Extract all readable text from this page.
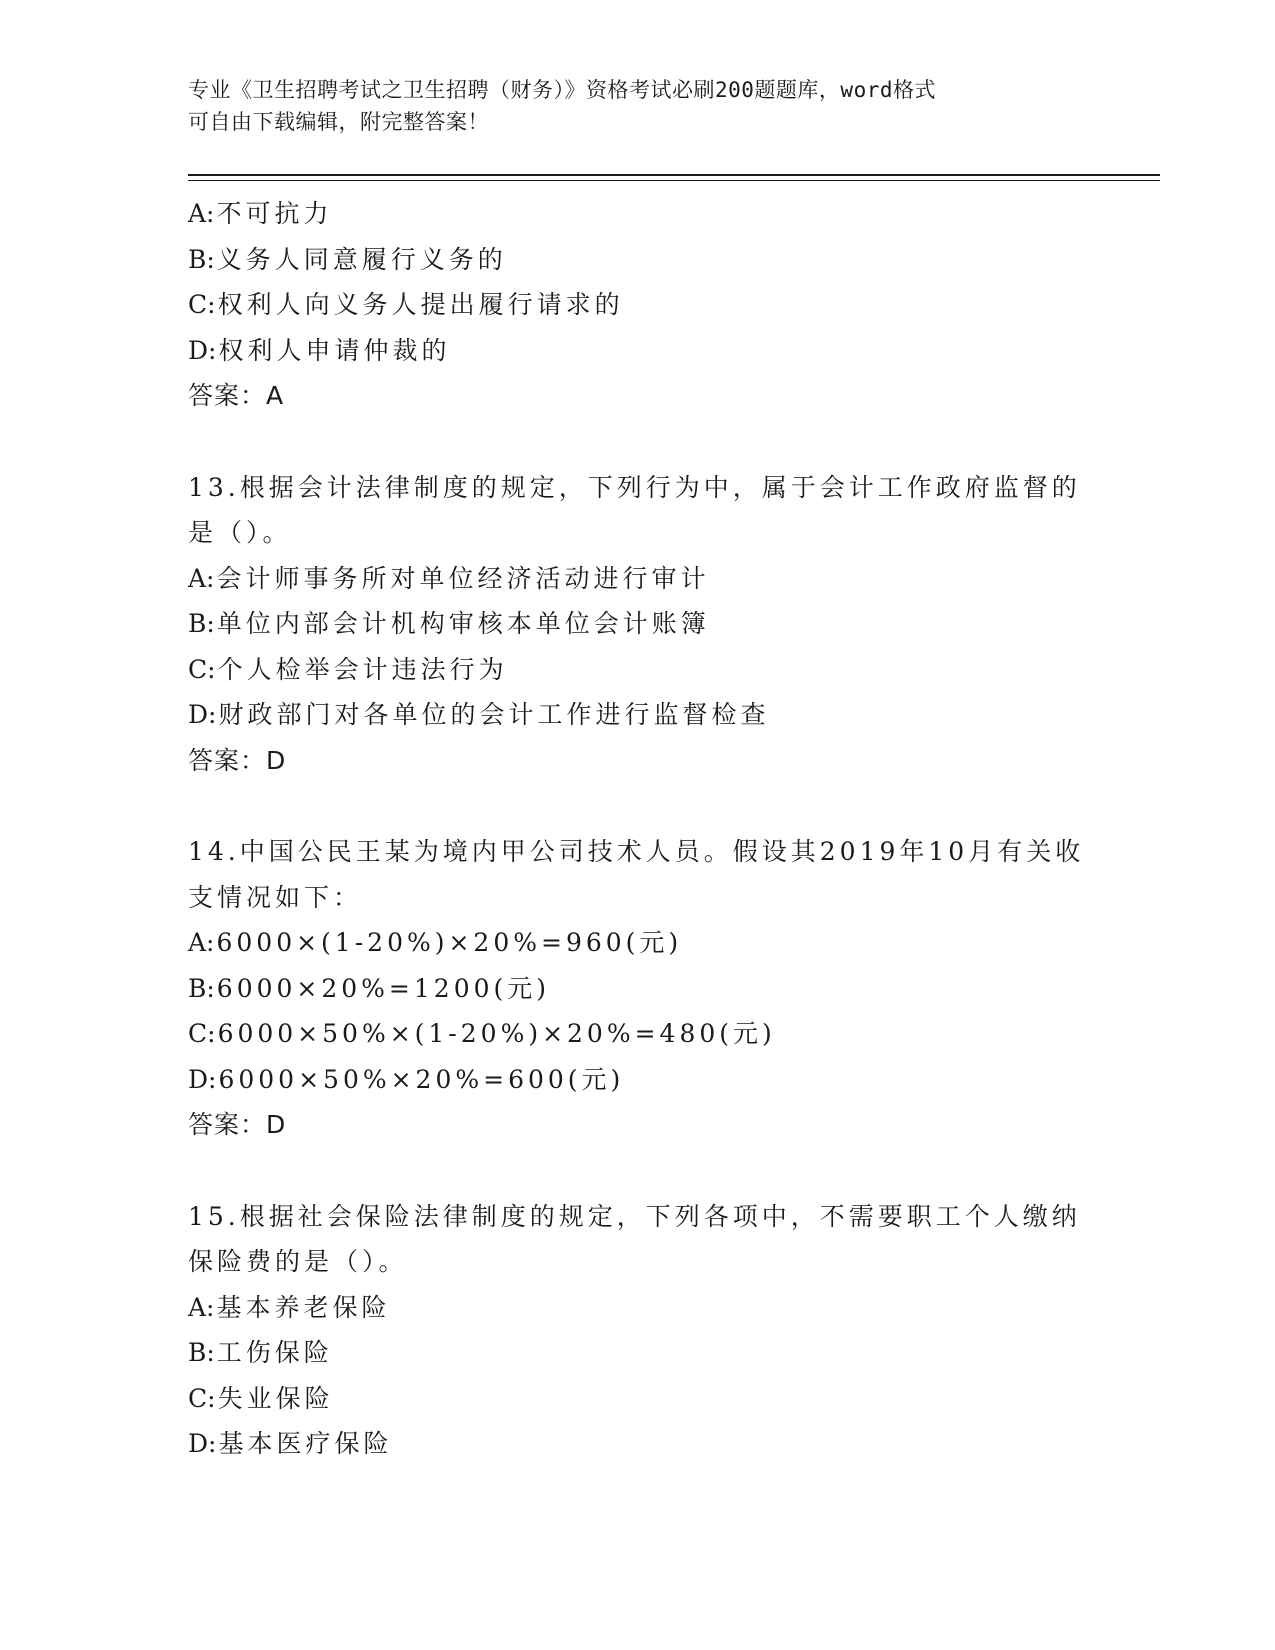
专业《卫生招聘考试之卫生招聘（财务）》资格考试必刷200题题库，word格式
可自由下载编辑，附完整答案！
A:不可抗力
B:义务人同意履行义务的
C:权利人向义务人提出履行请求的
D:权利人申请仲裁的
答案：A
13.根据会计法律制度的规定，下列行为中，属于会计工作政府监督的
是（）。
A:会计师事务所对单位经济活动进行审计
B:单位内部会计机构审核本单位会计账簿
C:个人检举会计违法行为
D:财政部门对各单位的会计工作进行监督检查
答案：D
14.中国公民王某为境内甲公司技术人员。假设其2019年10月有关收
支情况如下：
A:6000×(1-20%)×20%=960(元)
B:6000×20%=1200(元)
C:6000×50%×(1-20%)×20%=480(元)
D:6000×50%×20%=600(元)
答案：D
15.根据社会保险法律制度的规定，下列各项中，不需要职工个人缴纳
保险费的是（）。
A:基本养老保险
B:工伤保险
C:失业保险
D:基本医疗保险
